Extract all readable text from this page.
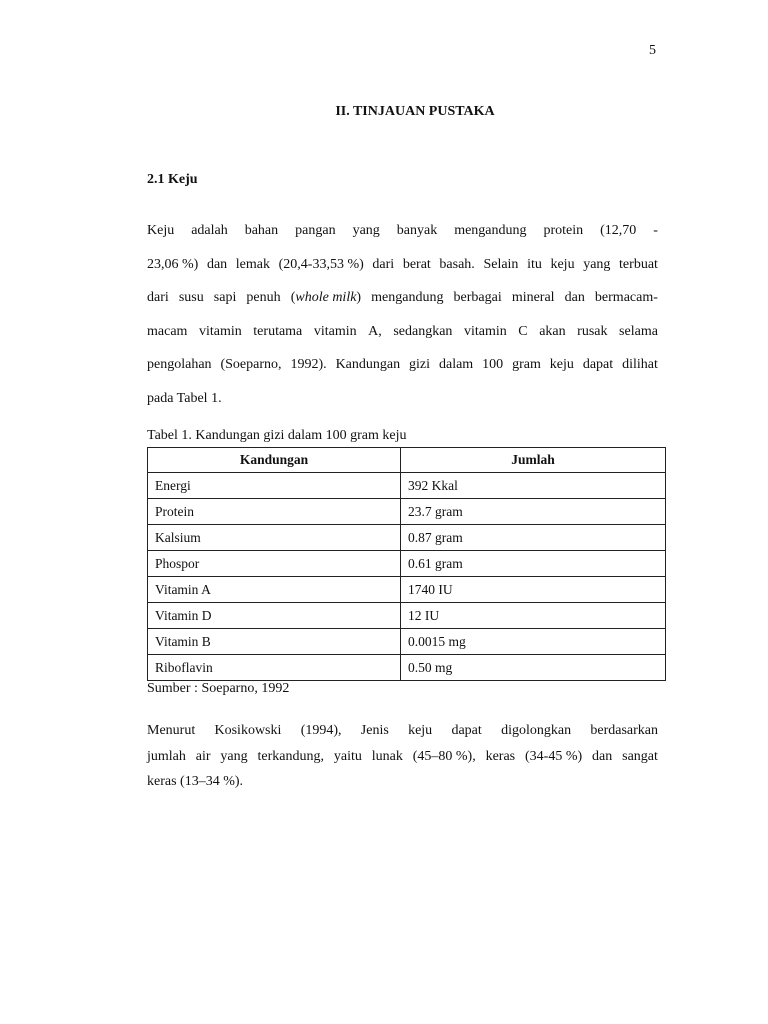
5
II. TINJAUAN PUSTAKA
2.1 Keju
Keju adalah bahan pangan yang banyak mengandung protein (12,70 -
23,06 %) dan lemak (20,4-33,53 %) dari berat basah. Selain itu keju yang terbuat
dari susu sapi penuh (whole milk) mengandung berbagai mineral dan bermacam-
macam vitamin terutama vitamin A, sedangkan vitamin C akan rusak selama
pengolahan (Soeparno, 1992). Kandungan gizi dalam 100 gram keju dapat dilihat
pada Tabel 1.
Tabel 1. Kandungan gizi dalam 100 gram keju
Kandungan	Jumlah
Energi	392 Kkal
Protein	23.7 gram
Kalsium	0.87 gram
Phospor	0.61 gram
Vitamin A	1740 IU
Vitamin D	12 IU
Vitamin B	0.0015 mg
Riboflavin	0.50 mg
Sumber : Soeparno, 1992
Menurut Kosikowski (1994), Jenis keju dapat digolongkan berdasarkan
jumlah air yang terkandung, yaitu lunak (45–80 %), keras (34-45 %) dan sangat
keras (13–34 %).
